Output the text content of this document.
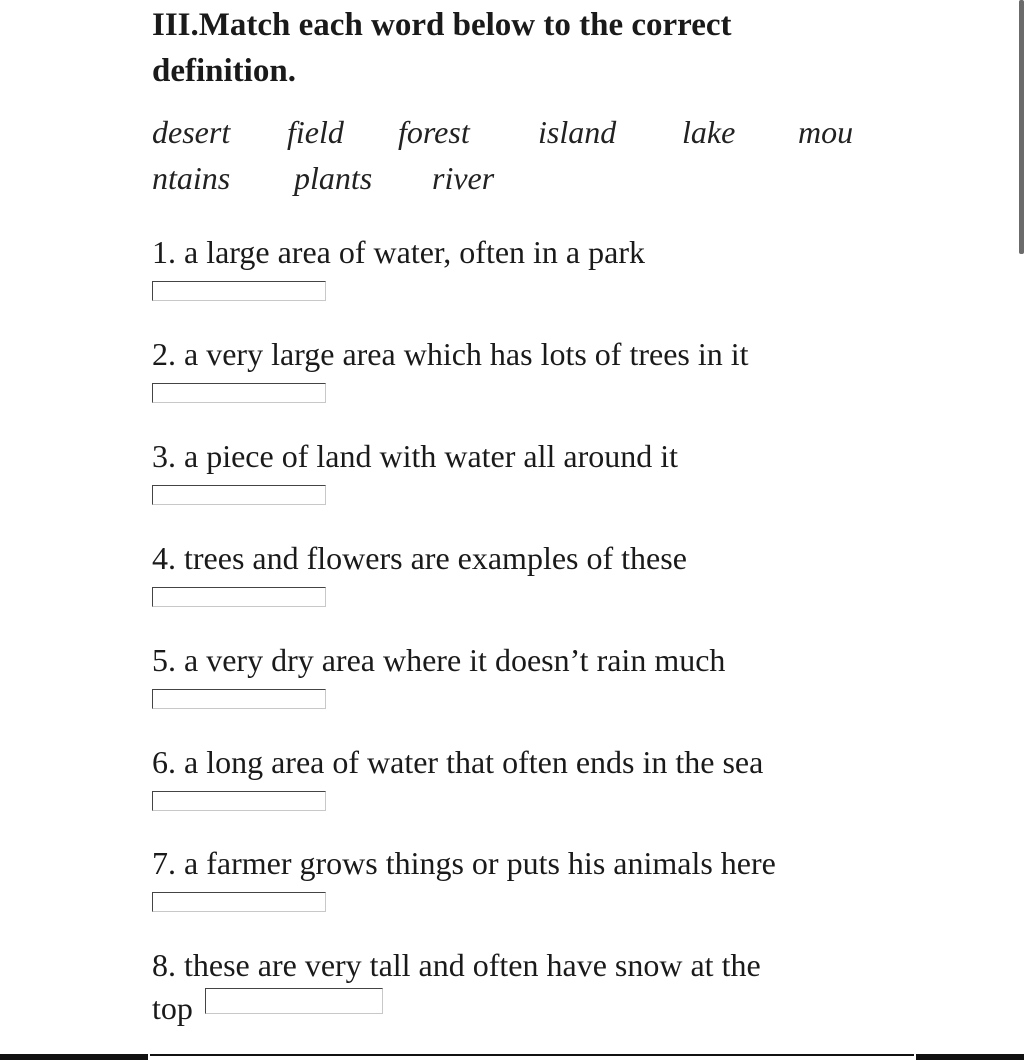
III.Match each word below to the correct definition.
desert field forest island lake mou
ntains plants river
1. a large area of water, often in a park
2. a very large area which has lots of trees in it
3. a piece of land with water all around it
4. trees and flowers are examples of these
5. a very dry area where it doesn’t rain much
6. a long area of water that often ends in the sea
7. a farmer grows things or puts his animals here
8. these are very tall and often have snow at the
top
